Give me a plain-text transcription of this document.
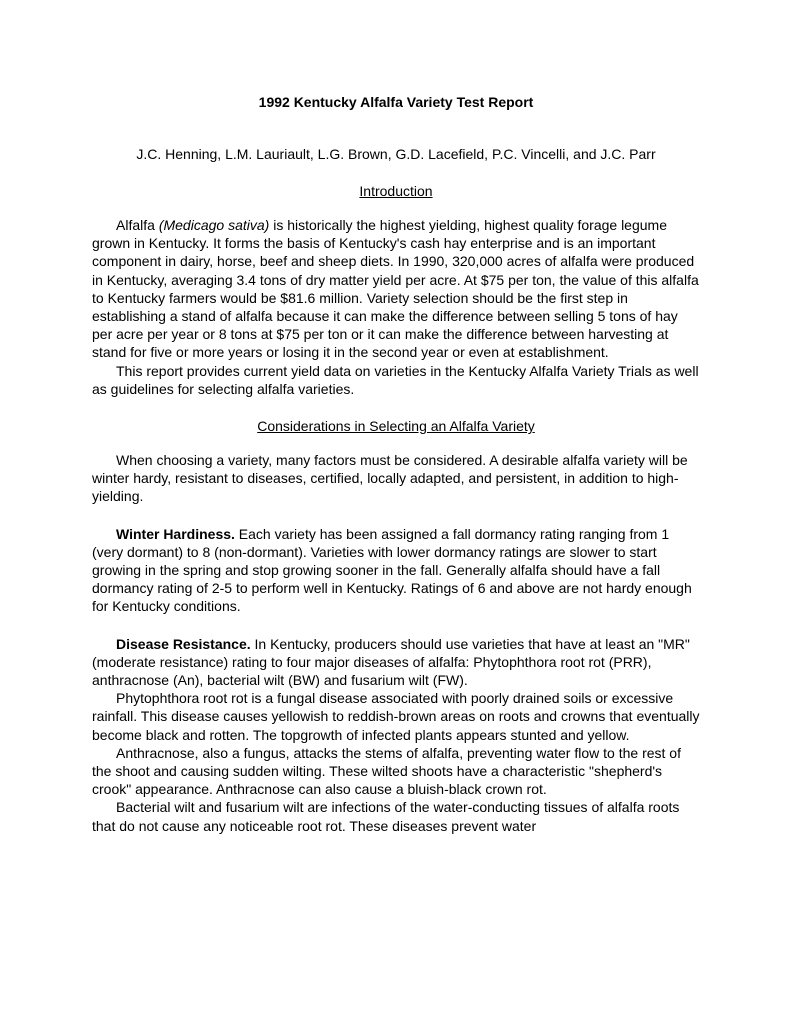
1992 Kentucky Alfalfa Variety Test Report
J.C. Henning, L.M. Lauriault, L.G. Brown, G.D. Lacefield, P.C. Vincelli, and J.C. Parr
Introduction

Alfalfa (Medicago sativa) is historically the highest yielding, highest quality forage legume grown in Kentucky. It forms the basis of Kentucky's cash hay enterprise and is an important component in dairy, horse, beef and sheep diets. In 1990, 320,000 acres of alfalfa were produced in Kentucky, averaging 3.4 tons of dry matter yield per acre. At $75 per ton, the value of this alfalfa to Kentucky farmers would be $81.6 million. Variety selection should be the first step in establishing a stand of alfalfa because it can make the difference between selling 5 tons of hay per acre per year or 8 tons at $75 per ton or it can make the difference between harvesting at stand for five or more years or losing it in the second year or even at establishment.

This report provides current yield data on varieties in the Kentucky Alfalfa Variety Trials as well as guidelines for selecting alfalfa varieties.

Considerations in Selecting an Alfalfa Variety

When choosing a variety, many factors must be considered. A desirable alfalfa variety will be winter hardy, resistant to diseases, certified, locally adapted, and persistent, in addition to high-yielding.

Winter Hardiness. Each variety has been assigned a fall dormancy rating ranging from 1 (very dormant) to 8 (non-dormant). Varieties with lower dormancy ratings are slower to start growing in the spring and stop growing sooner in the fall. Generally alfalfa should have a fall dormancy rating of 2-5 to perform well in Kentucky. Ratings of 6 and above are not hardy enough for Kentucky conditions.

Disease Resistance. In Kentucky, producers should use varieties that have at least an "MR" (moderate resistance) rating to four major diseases of alfalfa: Phytophthora root rot (PRR), anthracnose (An), bacterial wilt (BW) and fusarium wilt (FW).

Phytophthora root rot is a fungal disease associated with poorly drained soils or excessive rainfall. This disease causes yellowish to reddish-brown areas on roots and crowns that eventually become black and rotten. The topgrowth of infected plants appears stunted and yellow.

Anthracnose, also a fungus, attacks the stems of alfalfa, preventing water flow to the rest of the shoot and causing sudden wilting. These wilted shoots have a characteristic "shepherd's crook" appearance. Anthracnose can also cause a bluish-black crown rot.

Bacterial wilt and fusarium wilt are infections of the water-conducting tissues of alfalfa roots that do not cause any noticeable root rot. These diseases prevent water
